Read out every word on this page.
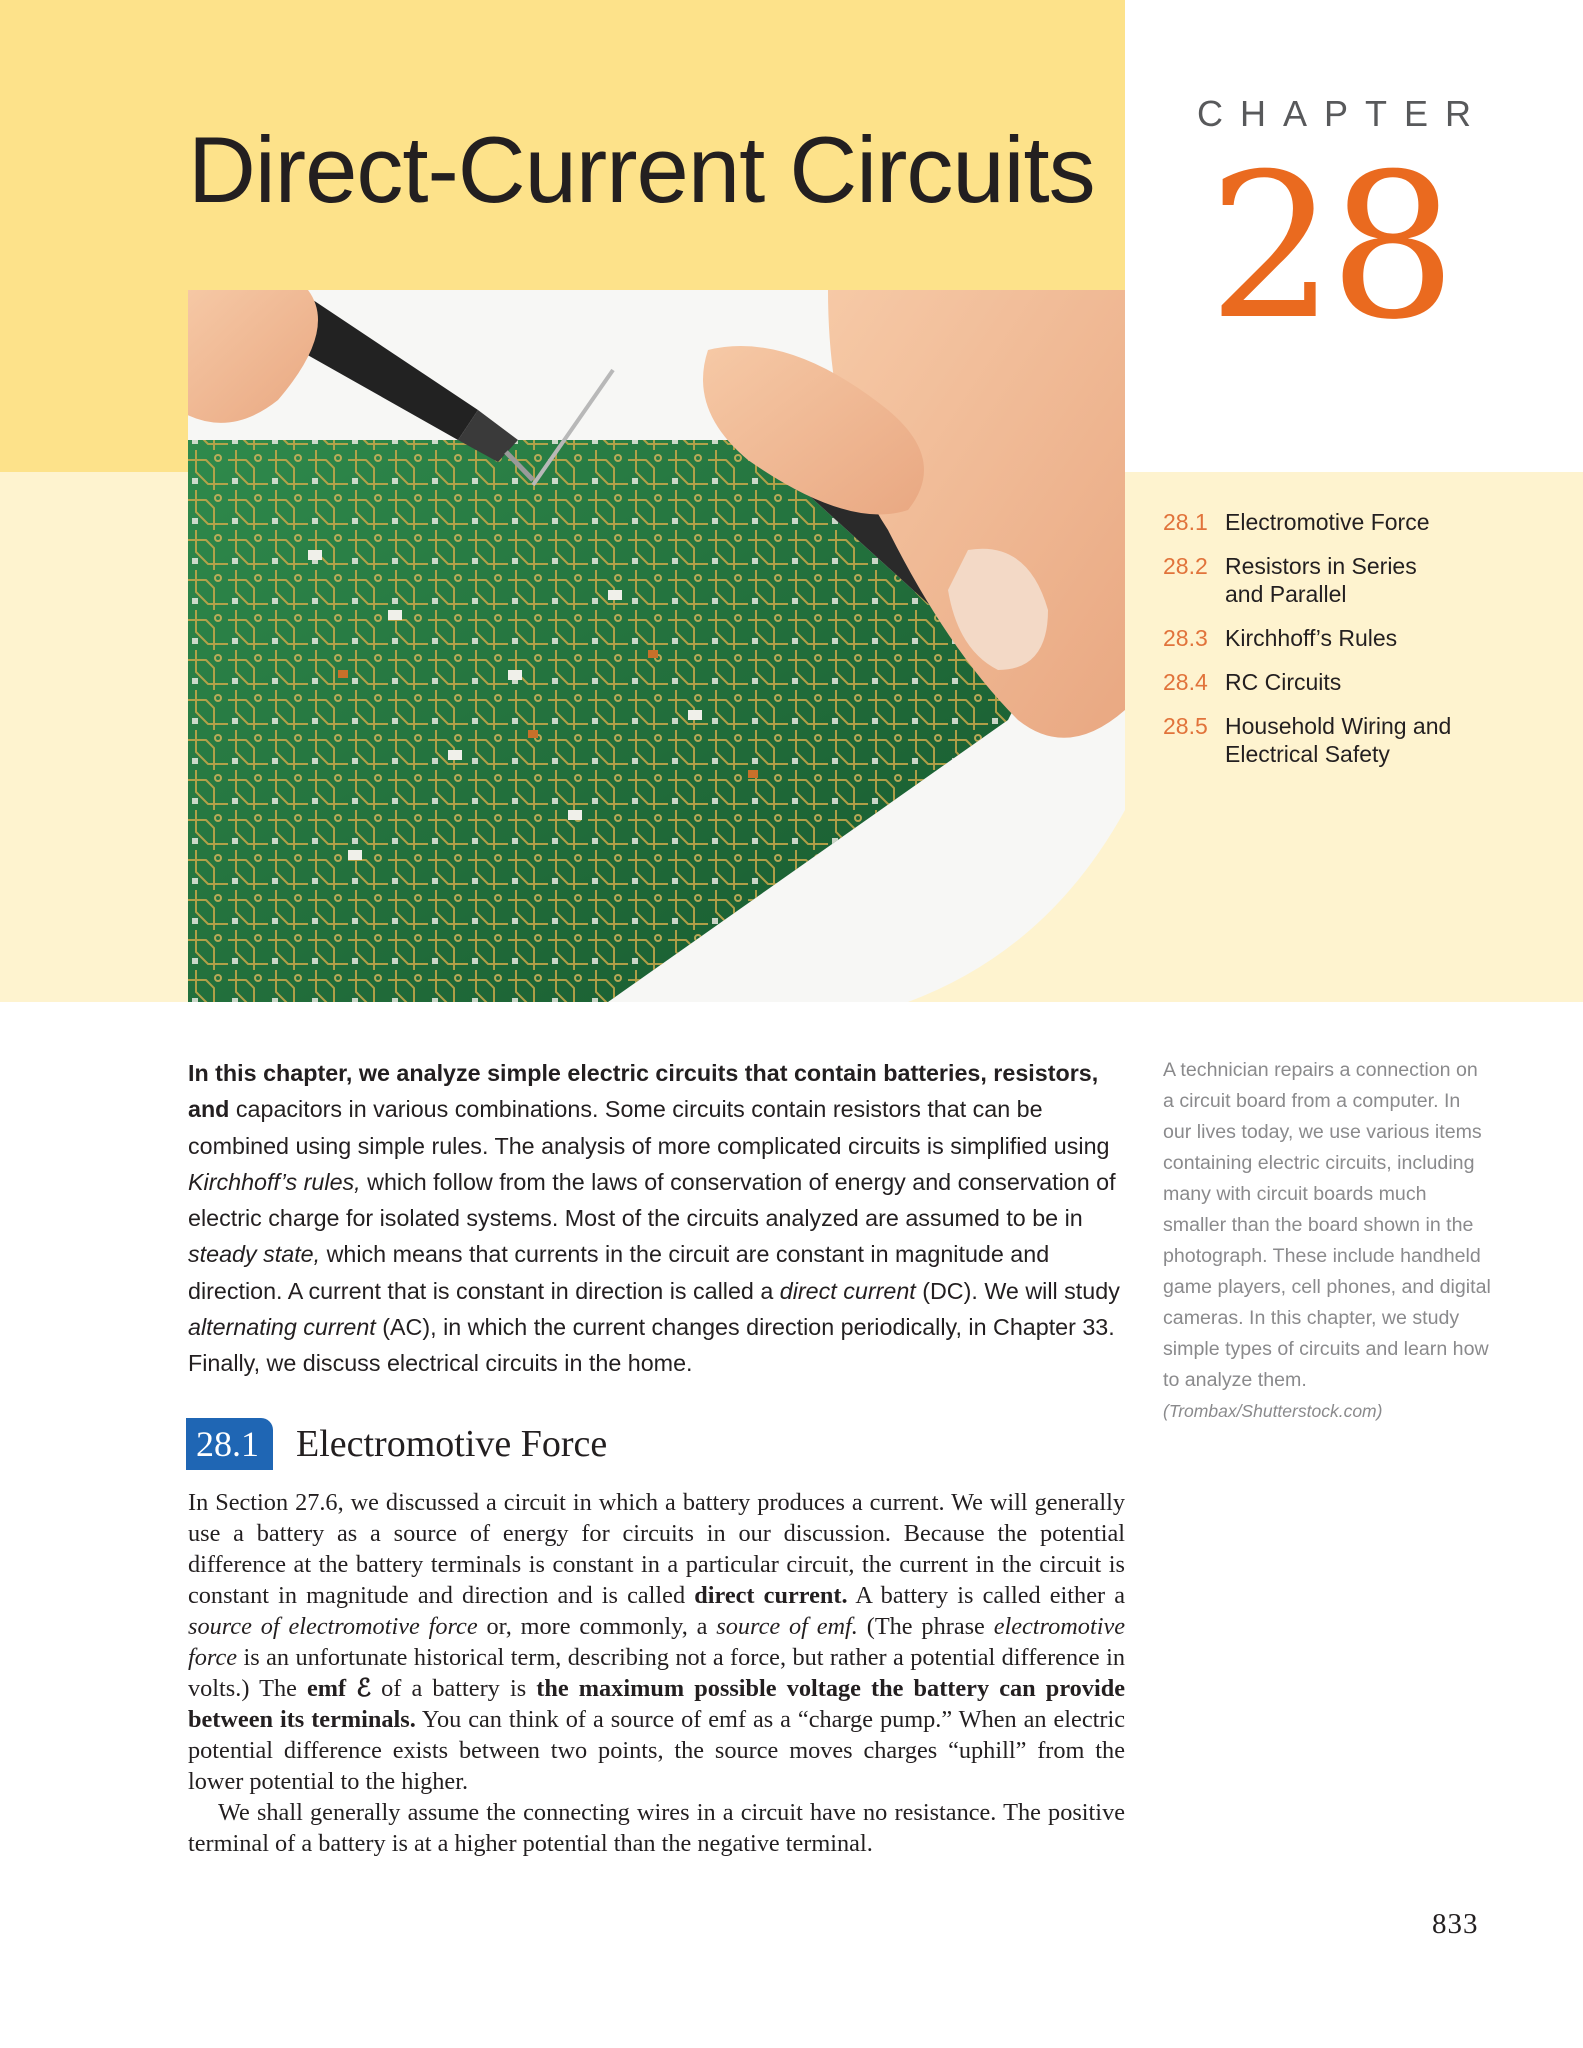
Direct-Current Circuits
CHAPTER
28
28.1 Electromotive Force
28.2 Resistors in Series and Parallel
28.3 Kirchhoff’s Rules
28.4 RC Circuits
28.5 Household Wiring and Electrical Safety
In this chapter, we analyze simple electric circuits that contain batteries, resistors, and capacitors in various combinations. Some circuits contain resistors that can be combined using simple rules. The analysis of more complicated circuits is simplified using Kirchhoff’s rules, which follow from the laws of conservation of energy and conservation of electric charge for isolated systems. Most of the circuits analyzed are assumed to be in steady state, which means that currents in the circuit are constant in magnitude and direction. A current that is constant in direction is called a direct current (DC). We will study alternating current (AC), in which the current changes direction periodically, in Chapter 33. Finally, we discuss electrical circuits in the home.
A technician repairs a connection on a circuit board from a computer. In our lives today, we use various items containing electric circuits, including many with circuit boards much smaller than the board shown in the photograph. These include handheld game players, cell phones, and digital cameras. In this chapter, we study simple types of circuits and learn how to analyze them.
(Trombax/Shutterstock.com)
28.1 Electromotive Force

In Section 27.6, we discussed a circuit in which a battery produces a current. We will generally use a battery as a source of energy for circuits in our discussion. Because the potential difference at the battery terminals is constant in a particular circuit, the current in the circuit is constant in magnitude and direction and is called direct current. A battery is called either a source of electromotive force or, more commonly, a source of emf. (The phrase electromotive force is an unfortunate historical term, describing not a force, but rather a potential difference in volts.) The emf ℰ of a battery is the maximum possible voltage the battery can provide between its terminals. You can think of a source of emf as a “charge pump.” When an electric potential difference exists between two points, the source moves charges “uphill” from the lower potential to the higher.

We shall generally assume the connecting wires in a circuit have no resistance. The positive terminal of a battery is at a higher potential than the negative terminal.

833
